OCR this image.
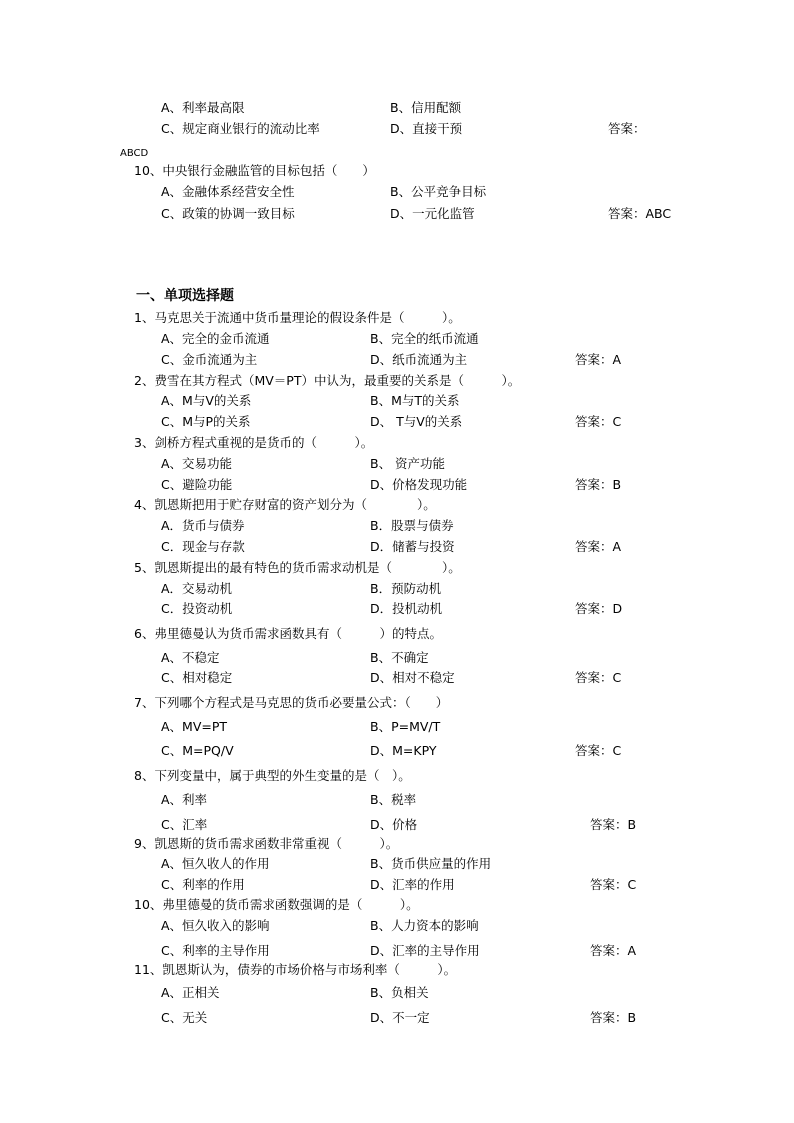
A、利率最高限	B、信用配额
C、规定商业银行的流动比率	D、直接干预	答案：
ABCD
10、中央银行金融监管的目标包括（　　）
A、金融体系经营安全性	B、公平竞争目标
C、政策的协调一致目标	D、一元化监管	答案：ABC
一、单项选择题
1、马克思关于流通中货币量理论的假设条件是（　　　）。
A、完全的金币流通	B、完全的纸币流通
C、金币流通为主	D、纸币流通为主	答案：A
2、费雪在其方程式（MV＝PT）中认为，最重要的关系是（　　　）。
A、M与V的关系	B、M与T的关系
C、M与P的关系	D、 T与V的关系	答案：C
3、剑桥方程式重视的是货币的（　　　）。
A、交易功能	B、 资产功能
C、避险功能	D、价格发现功能	答案：B
4、凯恩斯把用于贮存财富的资产划分为（　　　　）。
A．货币与债券	B．股票与债券
C．现金与存款	D．储蓄与投资	答案：A
5、凯恩斯提出的最有特色的货币需求动机是（　　　　）。
A．交易动机	B．预防动机
C．投资动机	D．投机动机	答案：D
6、弗里德曼认为货币需求函数具有（　　　）的特点。
A、不稳定	B、不确定
C、相对稳定	D、相对不稳定	答案：C
7、下列哪个方程式是马克思的货币必要量公式：（　　）
A、MV=PT	B、P=MV/T
C、M=PQ/V	D、M=KPY	答案：C
8、下列变量中，属于典型的外生变量的是（　）。
A、利率	B、税率
C、汇率	D、价格	答案：B
9、凯恩斯的货币需求函数非常重视（　　　）。
A、恒久收人的作用	B、货币供应量的作用
C、利率的作用	D、汇率的作用	答案：C
10、弗里德曼的货币需求函数强调的是（　　　）。
A、恒久收入的影响	B、人力资本的影响
C、利率的主导作用	D、汇率的主导作用	答案：A
11、凯恩斯认为，债券的市场价格与市场利率（　　　）。
A、正相关	B、负相关
C、无关	D、不一定	答案：B
